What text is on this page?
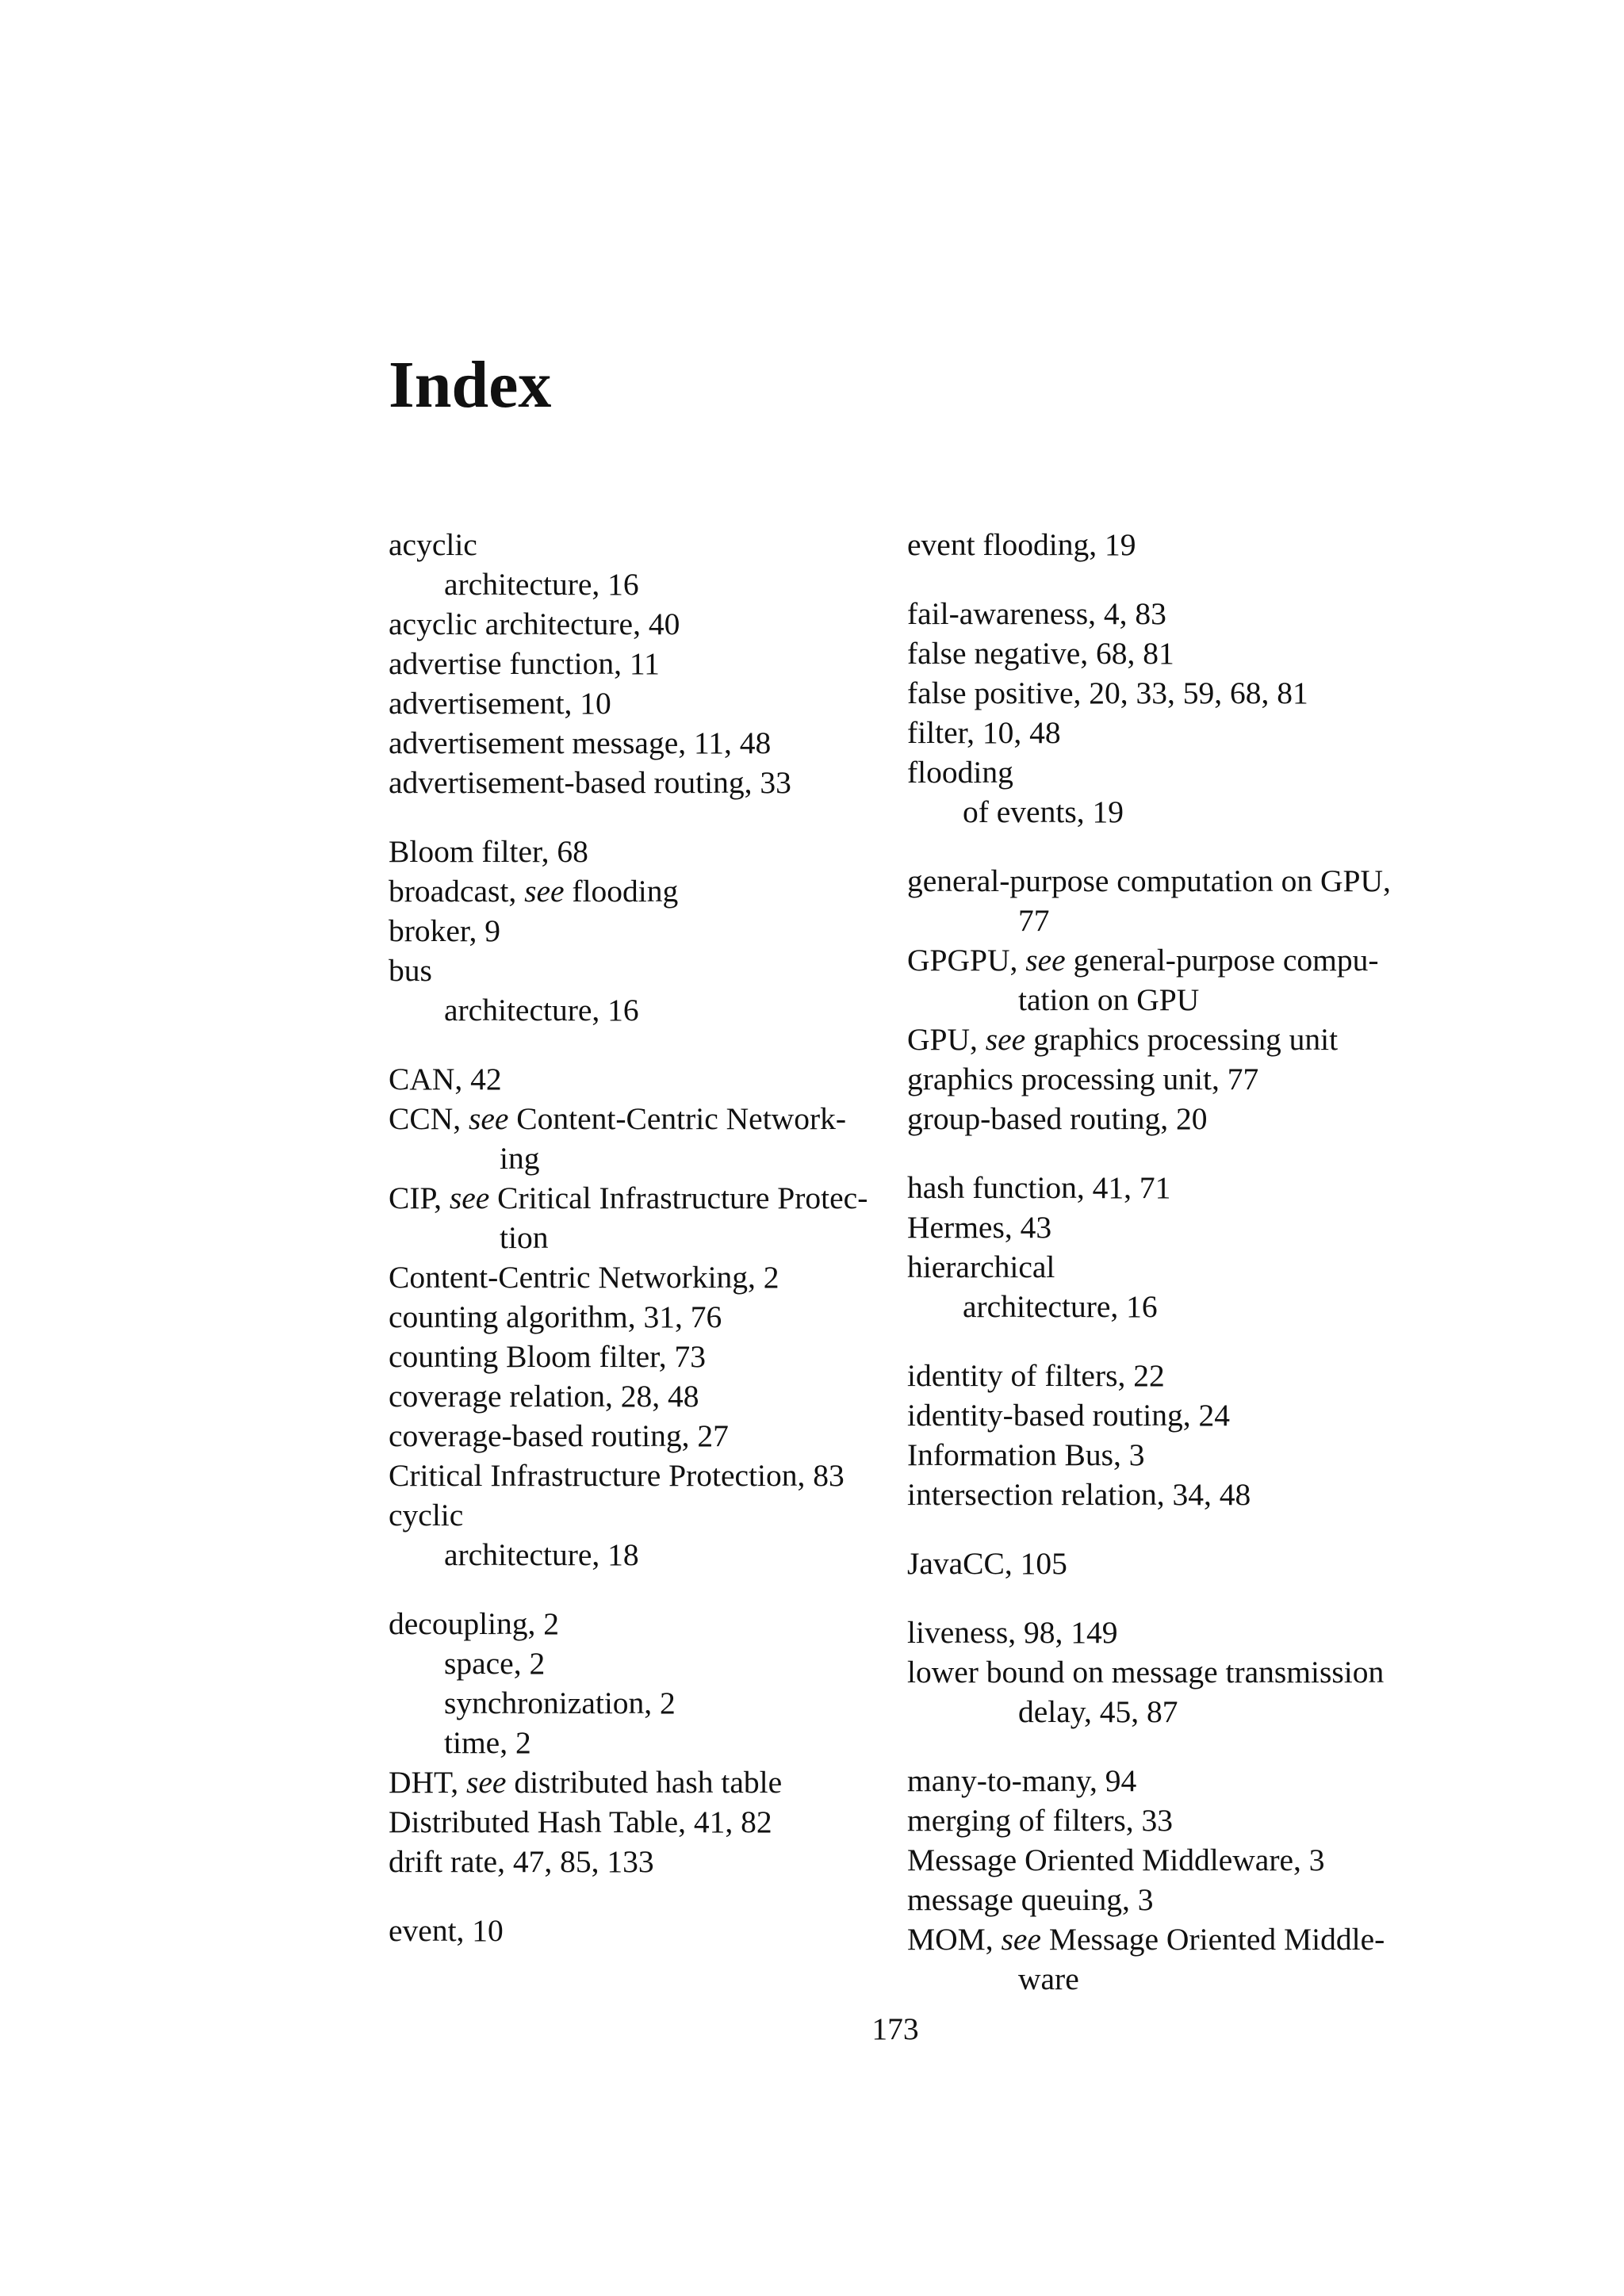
Index
acyclic
architecture, 16
acyclic architecture, 40
advertise function, 11
advertisement, 10
advertisement message, 11, 48
advertisement-based routing, 33
Bloom filter, 68
broadcast, see flooding
broker, 9
bus
architecture, 16
CAN, 42
CCN, see Content-Centric Network-
ing
CIP, see Critical Infrastructure Protec-
tion
Content-Centric Networking, 2
counting algorithm, 31, 76
counting Bloom filter, 73
coverage relation, 28, 48
coverage-based routing, 27
Critical Infrastructure Protection, 83
cyclic
architecture, 18
decoupling, 2
space, 2
synchronization, 2
time, 2
DHT, see distributed hash table
Distributed Hash Table, 41, 82
drift rate, 47, 85, 133
event, 10
event flooding, 19
fail-awareness, 4, 83
false negative, 68, 81
false positive, 20, 33, 59, 68, 81
filter, 10, 48
flooding
of events, 19
general-purpose computation on GPU,
77
GPGPU, see general-purpose compu-
tation on GPU
GPU, see graphics processing unit
graphics processing unit, 77
group-based routing, 20
hash function, 41, 71
Hermes, 43
hierarchical
architecture, 16
identity of filters, 22
identity-based routing, 24
Information Bus, 3
intersection relation, 34, 48
JavaCC, 105
liveness, 98, 149
lower bound on message transmission
delay, 45, 87
many-to-many, 94
merging of filters, 33
Message Oriented Middleware, 3
message queuing, 3
MOM, see Message Oriented Middle-
ware
173
